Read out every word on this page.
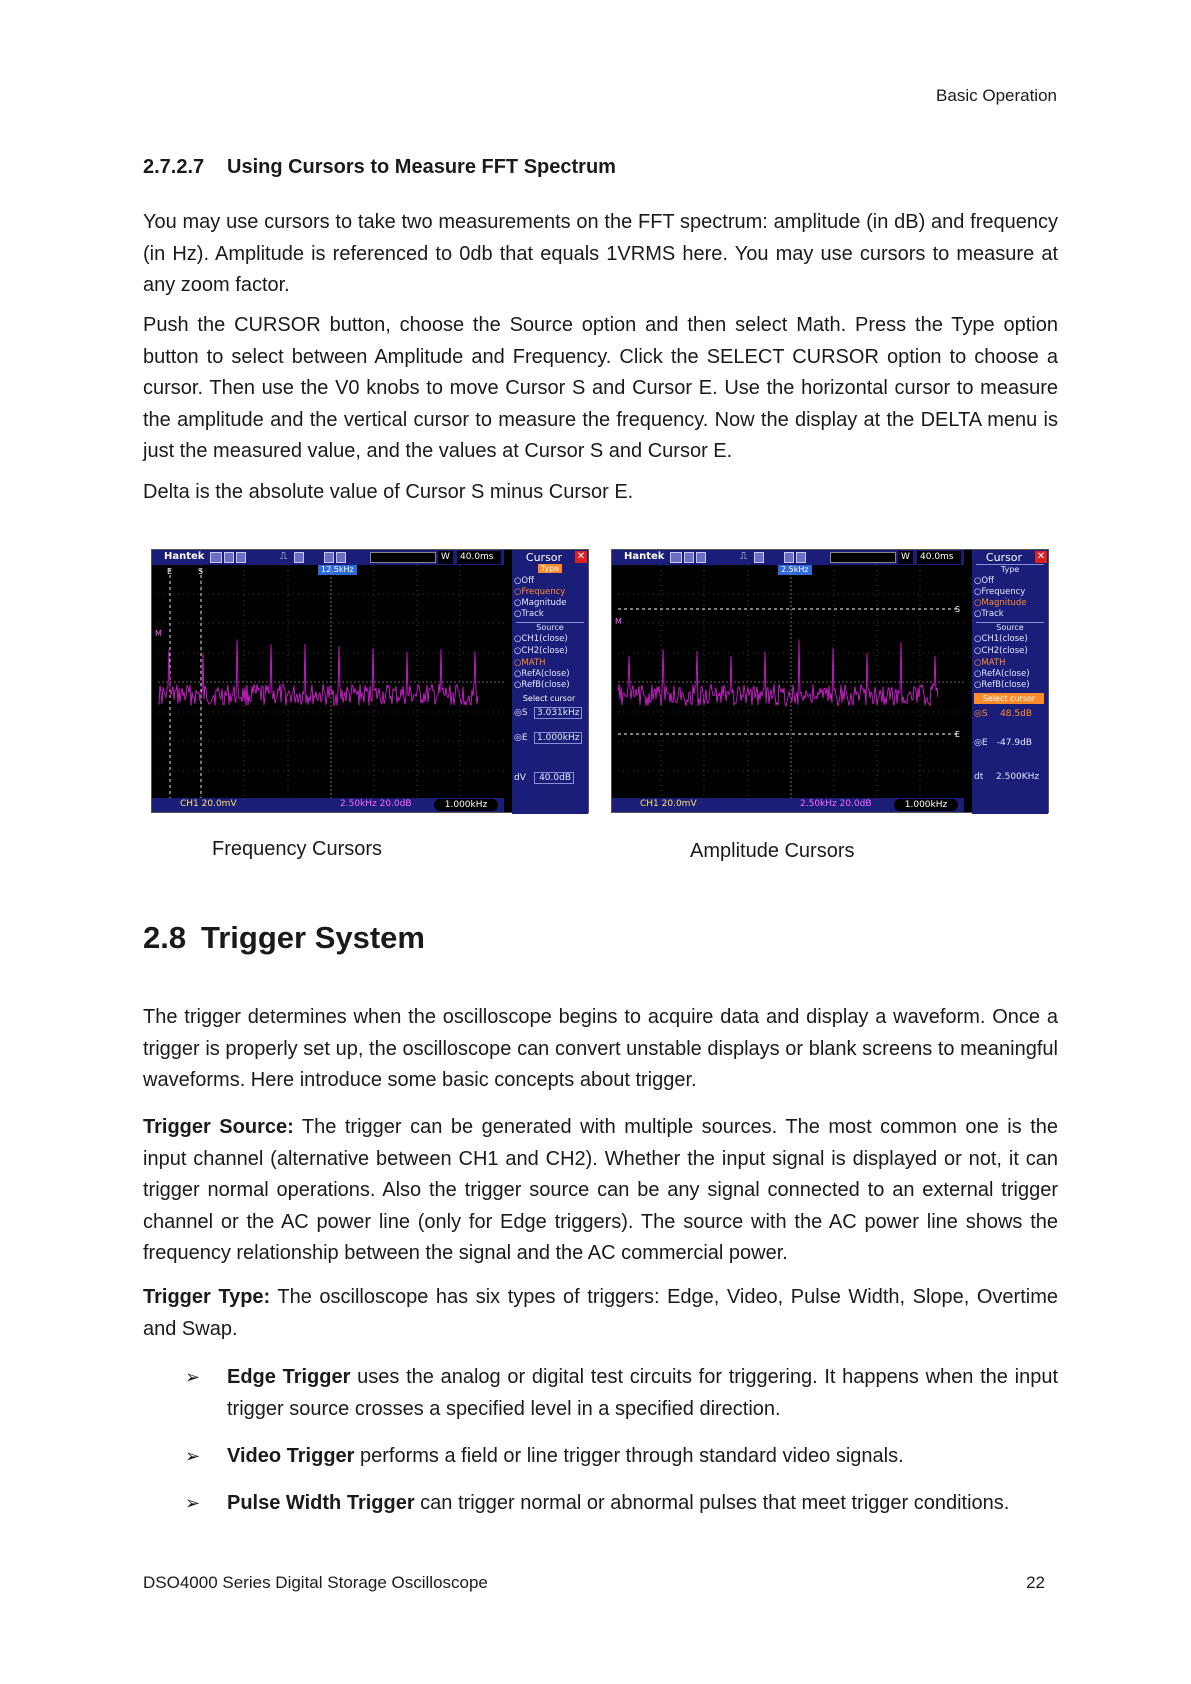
Basic Operation
2.7.2.7 Using Cursors to Measure FFT Spectrum
You may use cursors to take two measurements on the FFT spectrum: amplitude (in dB) and frequency (in Hz). Amplitude is referenced to 0db that equals 1VRMS here. You may use cursors to measure at any zoom factor.
Push the CURSOR button, choose the Source option and then select Math. Press the Type option button to select between Amplitude and Frequency. Click the SELECT CURSOR option to choose a cursor. Then use the V0 knobs to move Cursor S and Cursor E. Use the horizontal cursor to measure the amplitude and the vertical cursor to measure the frequency. Now the display at the DELTA menu is just the measured value, and the values at Cursor S and Cursor E.
Delta is the absolute value of Cursor S minus Cursor E.
Hantek	⎍	W	40.0ms
12.5kHz
E	S
M
Cursor	✕
Type
○Off
○Frequency
○Magnitude
○Track
Source
○CH1(close)
○CH2(close)
○MATH
○RefA(close)
○RefB(close)
Select cursor
◎S 3.031kHz
◎E 1.000kHz
dV 40.0dB
CH1 20.0mV	2.50kHz 20.0dB	1.000kHz
Hantek	⎍	W	40.0ms
2.5kHz
S
E
M
Cursor	✕
Type
○Off
○Frequency
○Magnitude
○Track
Source
○CH1(close)
○CH2(close)
○MATH
○RefA(close)
○RefB(close)
Select cursor
◎S 48.5dB
◎E -47.9dB
dt 2.500KHz
CH1 20.0mV	2.50kHz 20.0dB	1.000kHz
Frequency Cursors	Amplitude Cursors
2.8 Trigger System
The trigger determines when the oscilloscope begins to acquire data and display a waveform. Once a trigger is properly set up, the oscilloscope can convert unstable displays or blank screens to meaningful waveforms. Here introduce some basic concepts about trigger.
Trigger Source: The trigger can be generated with multiple sources. The most common one is the input channel (alternative between CH1 and CH2). Whether the input signal is displayed or not, it can trigger normal operations. Also the trigger source can be any signal connected to an external trigger channel or the AC power line (only for Edge triggers). The source with the AC power line shows the frequency relationship between the signal and the AC commercial power.
Trigger Type: The oscilloscope has six types of triggers: Edge, Video, Pulse Width, Slope, Overtime and Swap.
➢ Edge Trigger uses the analog or digital test circuits for triggering. It happens when the input trigger source crosses a specified level in a specified direction.
➢ Video Trigger performs a field or line trigger through standard video signals.
➢ Pulse Width Trigger can trigger normal or abnormal pulses that meet trigger conditions.
DSO4000 Series Digital Storage Oscilloscope	22
